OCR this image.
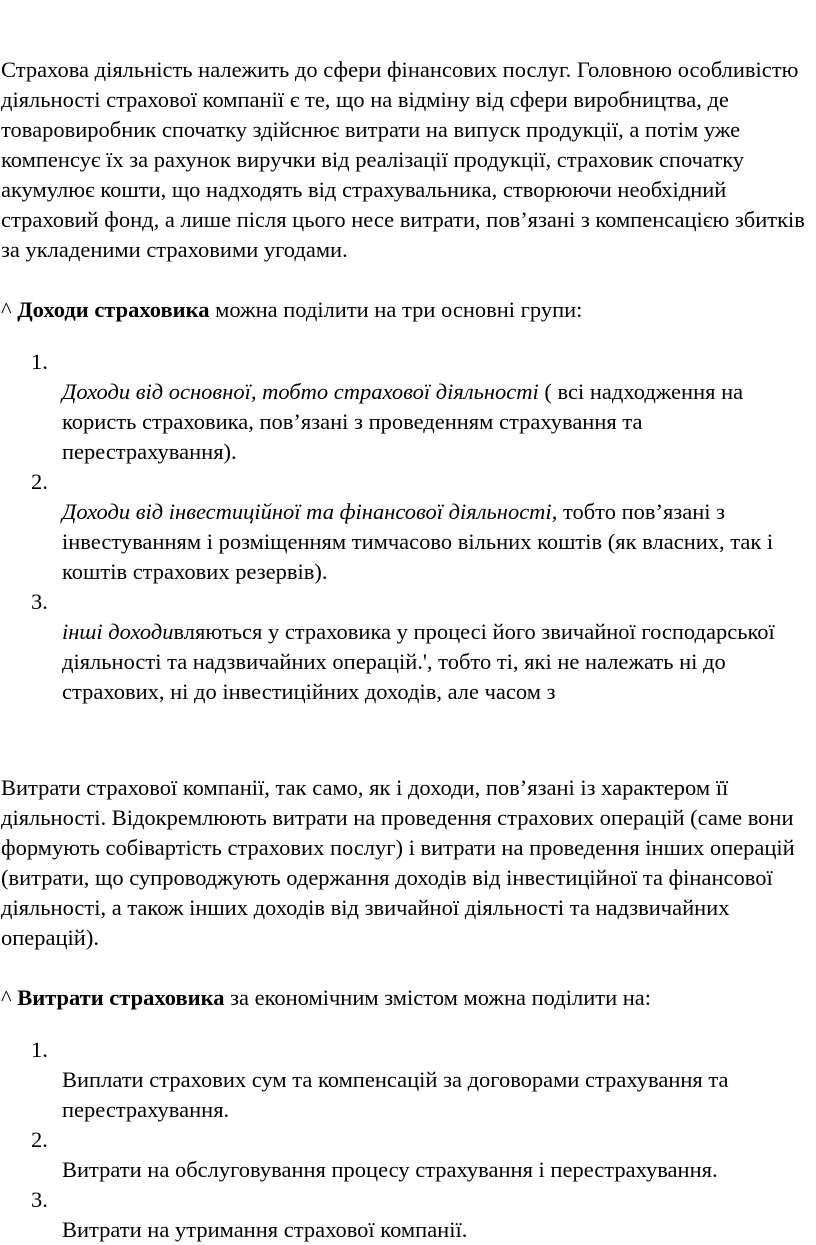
Страхова діяльність належить до сфери фінансових послуг. Головною особливістю діяльності страхової компанії є те, що на відміну від сфери виробництва, де товаровиробник спочатку здійснює витрати на випуск продукції, а потім уже компенсує їх за рахунок виручки від реалізації продукції, страховик спочатку акумулює кошти, що надходять від страхувальника, створюючи необхідний страховий фонд, а лише після цього несе витрати, пов’язані з компенсацією збитків за укладеними страховими угодами.

^ Доходи страховика можна поділити на три основні групи:

1.
Доходи від основної, тобто страхової діяльності ( всі надходження на користь страховика, пов’язані з проведенням страхування та перестрахування).
2.
Доходи від інвестиційної та фінансової діяльності, тобто пов’язані з інвестуванням і розміщенням тимчасово вільних коштів (як власних, так і коштів страхових резервів).
3.
інші доходивляються у страховика у процесі його звичайної господарської діяльності та надзвичайних операцій.', тобто ті, які не належать ні до страхових, ні до інвестиційних доходів, але часом з

Витрати страхової компанії, так само, як і доходи, пов’язані із характером її діяльності. Відокремлюють витрати на проведення страхових операцій (саме вони формують собівартість страхових послуг) і витрати на проведення інших операцій (витрати, що супроводжують одержання доходів від інвестиційної та фінансової діяльності, а також інших доходів від звичайної діяльності та надзвичайних операцій).

^ Витрати страховика за економічним змістом можна поділити на:

1.
Виплати страхових сум та компенсацій за договорами страхування та перестрахування.
2.
Витрати на обслуговування процесу страхування і перестрахування.
3.
Витрати на утримання страхової компанії.
